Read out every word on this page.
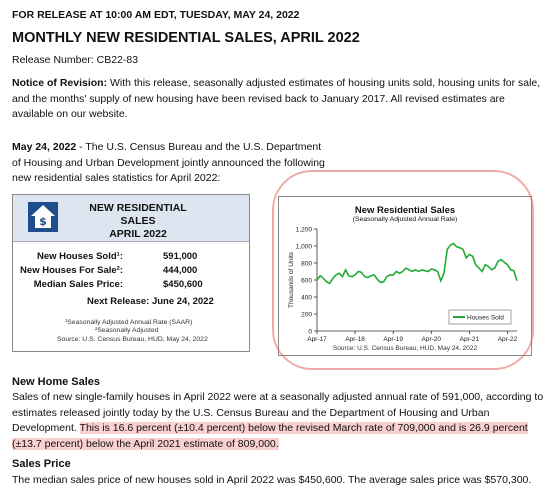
FOR RELEASE AT 10:00 AM EDT, TUESDAY, MAY 24, 2022
MONTHLY NEW RESIDENTIAL SALES, APRIL 2022
Release Number: CB22-83
Notice of Revision: With this release, seasonally adjusted estimates of housing units sold, housing units for sale, and the months' supply of new housing have been revised back to January 2017. All revised estimates are available on our website.
May 24, 2022 - The U.S. Census Bureau and the U.S. Department of Housing and Urban Development jointly announced the following new residential sales statistics for April 2022:
$
NEW RESIDENTIAL
SALES
APRIL 2022
New Houses Sold¹:	591,000
New Houses For Sale²:	444,000
Median Sales Price:	$450,600
Next Release: June 24, 2022
¹Seasonally Adjusted Annual Rate (SAAR)
²Seasonally Adjusted
Source: U.S. Census Bureau, HUD, May 24, 2022
New Residential Sales
(Seasonally Adjusted Annual Rate)
0
200
400
600
800
1,000
1,200
Thousands of Units
Apr-17	Apr-18	Apr-19	Apr-20	Apr-21	Apr-22
Houses Sold
Source: U.S. Census Bureau, HUD, May 24, 2022
New Home Sales
Sales of new single-family houses in April 2022 were at a seasonally adjusted annual rate of 591,000, according to estimates released jointly today by the U.S. Census Bureau and the Department of Housing and Urban Development. This is 16.6 percent (±10.4 percent) below the revised March rate of 709,000 and is 26.9 percent (±13.7 percent) below the April 2021 estimate of 809,000.
Sales Price
The median sales price of new houses sold in April 2022 was $450,600. The average sales price was $570,300.
